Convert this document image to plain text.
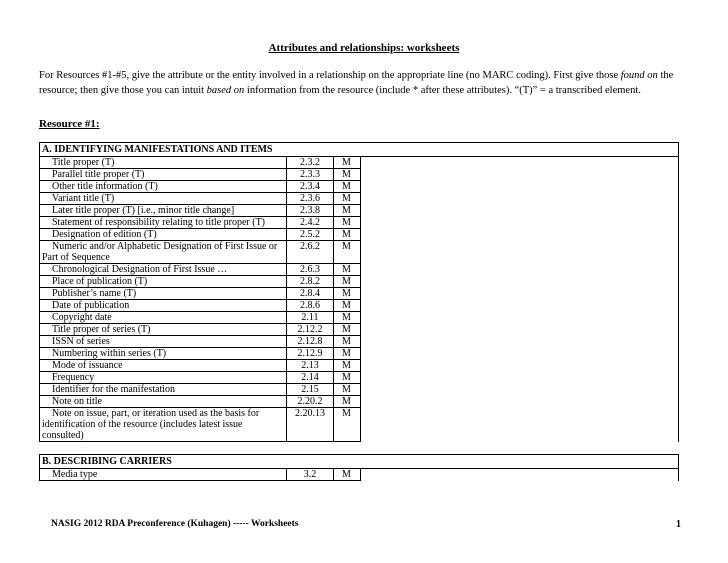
Attributes and relationships: worksheets
For Resources #1-#5, give the attribute or the entity involved in a relationship on the appropriate line (no MARC coding). First give those found on the resource; then give those you can intuit based on information from the resource (include * after these attributes). “(T)” = a transcribed element.
Resource #1:
A. IDENTIFYING MANIFESTATIONS AND ITEMS			
Title proper (T)	2.3.2	M	
Parallel title proper (T)	2.3.3	M	
Other title information (T)	2.3.4	M	
Variant title (T)	2.3.6	M	
Later title proper (T) [i.e., minor title change]	2.3.8	M	
Statement of responsibility relating to title proper (T)	2.4.2	M	
Designation of edition (T)	2.5.2	M	
Numeric and/or Alphabetic Designation of First Issue or Part of Sequence	2.6.2	M	
Chronological Designation of First Issue …	2.6.3	M	
Place of publication (T)	2.8.2	M	
Publisher’s name (T)	2.8.4	M	
Date of publication	2.8.6	M	
Copyright date	2.11	M	
Title proper of series (T)	2.12.2	M	
ISSN of series	2.12.8	M	
Numbering within series (T)	2.12.9	M	
Mode of issuance	2.13	M	
Frequency	2.14	M	
Identifier for the manifestation	2.15	M	
Note on title	2.20.2	M	
Note on issue, part, or iteration used as the basis for identification of the resource (includes latest issue consulted)	2.20.13	M	
B. DESCRIBING CARRIERS
Media type	3.2	M	
NASIG 2012 RDA Preconference (Kuhagen) ----- Worksheets	1
